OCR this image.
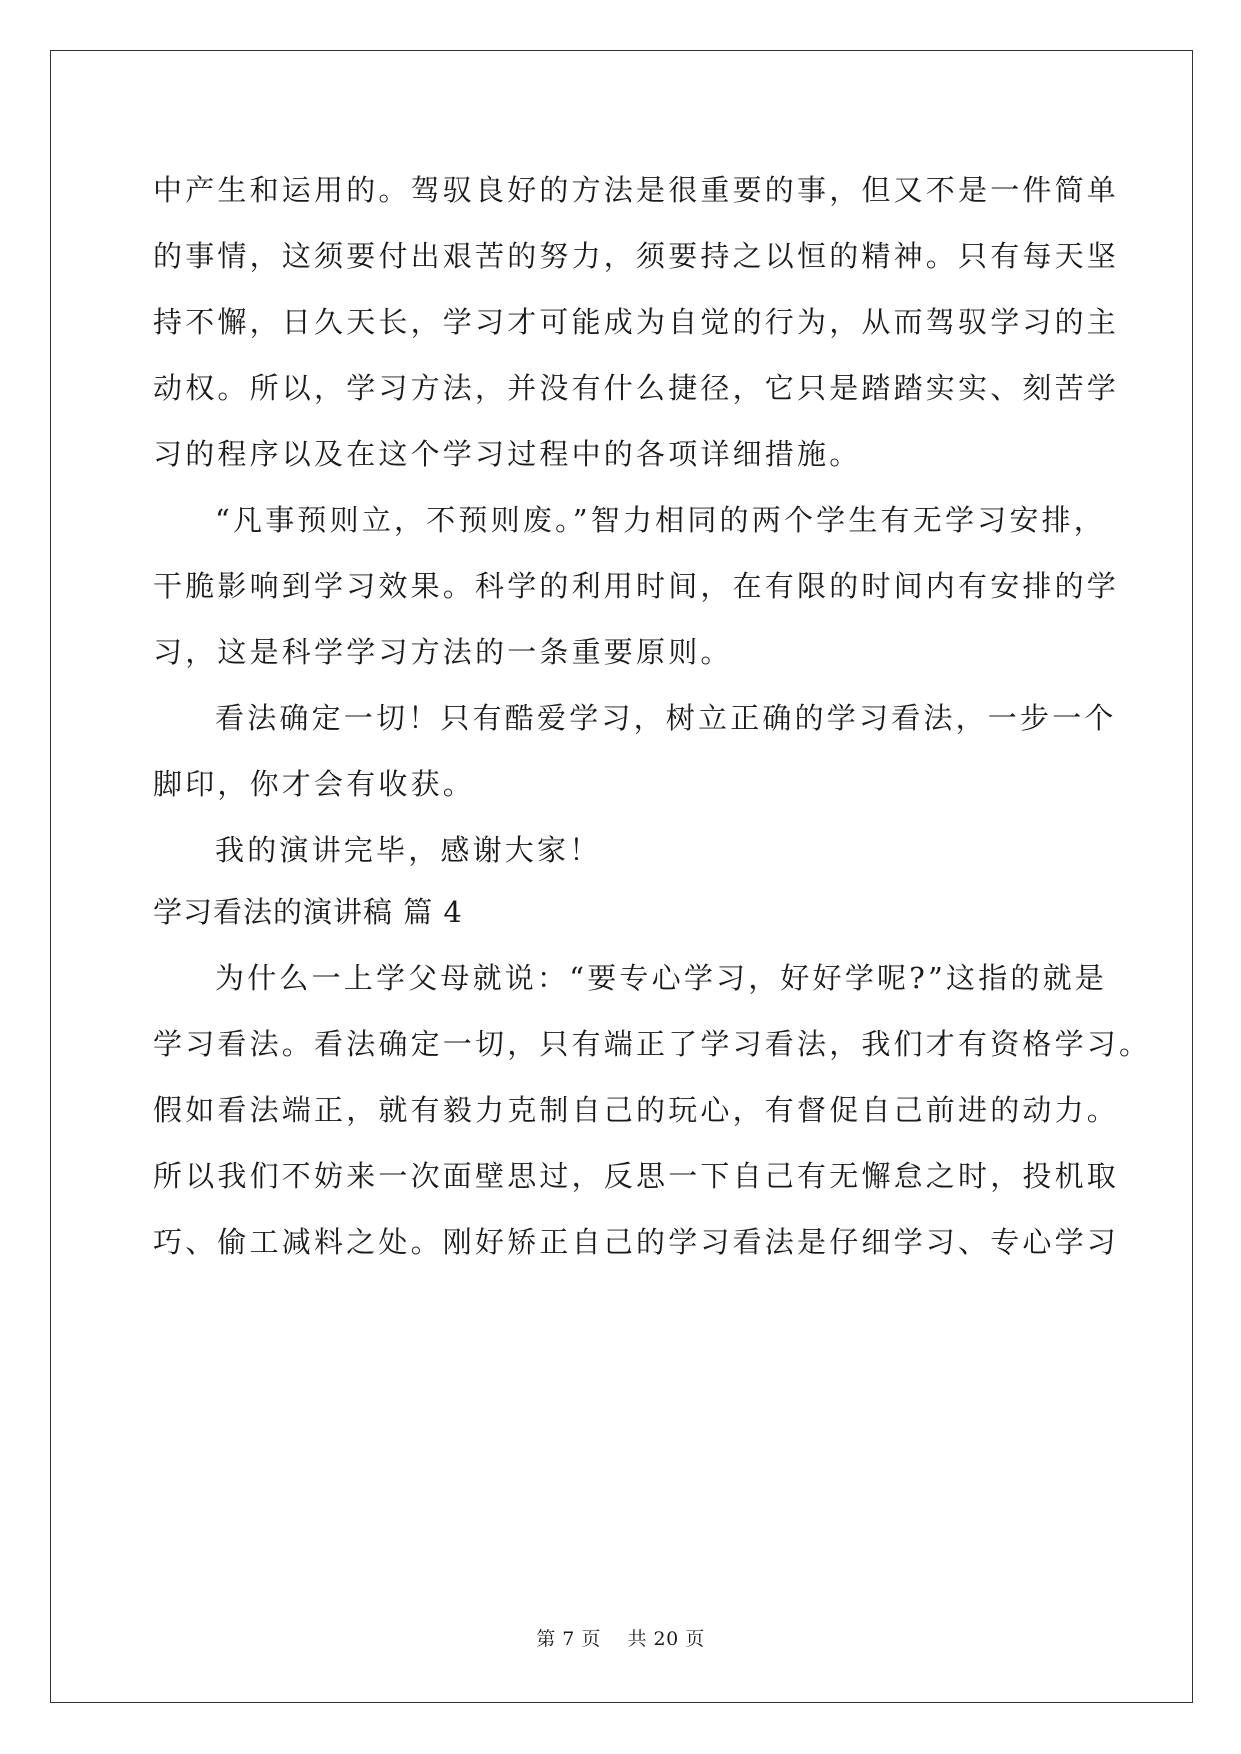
中产生和运用的。驾驭良好的方法是很重要的事，但又不是一件简单
的事情，这须要付出艰苦的努力，须要持之以恒的精神。只有每天坚
持不懈，日久天长，学习才可能成为自觉的行为，从而驾驭学习的主
动权。所以，学习方法，并没有什么捷径，它只是踏踏实实、刻苦学
习的程序以及在这个学习过程中的各项详细措施。
“凡事预则立，不预则废。”智力相同的两个学生有无学习安排，
干脆影响到学习效果。科学的利用时间，在有限的时间内有安排的学
习，这是科学学习方法的一条重要原则。
看法确定一切！只有酷爱学习，树立正确的学习看法，一步一个
脚印，你才会有收获。
我的演讲完毕，感谢大家！
学习看法的演讲稿 篇 4
为什么一上学父母就说：“要专心学习，好好学呢?”这指的就是
学习看法。看法确定一切，只有端正了学习看法，我们才有资格学习。
假如看法端正，就有毅力克制自己的玩心，有督促自己前进的动力。
所以我们不妨来一次面壁思过，反思一下自己有无懈怠之时，投机取
巧、偷工减料之处。刚好矫正自己的学习看法是仔细学习、专心学习
第 7 页 共 20 页
